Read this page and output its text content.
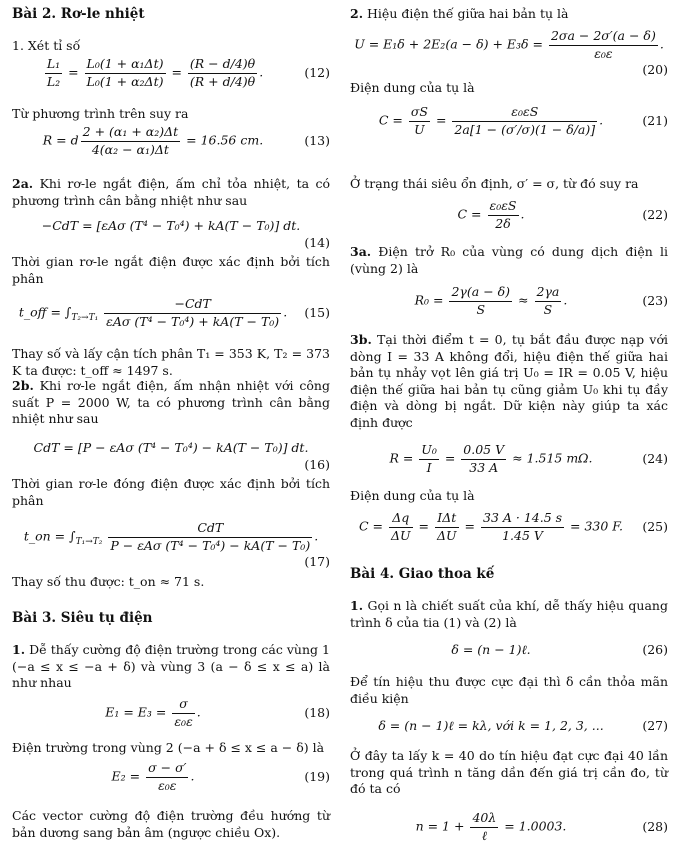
Bài 2. Rơ-le nhiệt
1. Xét tỉ số
$\frac{\text{L₁}}{\text{L₂}} = \frac{\text{L₀(1 + α₁Δt)}}{\text{L₀(1 + α₂Δt)}} = \frac{(R - d/4)\theta}{(R + d/4)\theta}$ .	(12)
Từ phương trình trên suy ra
R = d $\frac{\text{2 + (α₁ + α₂)Δt}}{\text{4(α₂ − α₁)Δt}} = 16.56$ cm.	(13)
2a. Khi rơ-le ngắt điện, ấm chỉ tỏa nhiệt, ta có phương trình cân bằng nhiệt như sau
−CdT = [εAσ (T⁴ − T₀⁴) + kA(T − T₀)] dt.
(14)
Thời gian rơ-le ngắt điện được xác định bởi tích phân
t_off = $\int_{T_2\to T_1} \frac{\text{−CdT}}{\text{εAσ (T⁴ − T₀⁴) + kA(T − T₀)}}$ .	(15)
Thay số và lấy cận tích phân T₁ = 353 K, T₂ = 373 K ta được: t_off ≈ 1497 s.
2b. Khi rơ-le ngắt điện, ấm nhận nhiệt với công suất P = 2000 W, ta có phương trình cân bằng nhiệt như sau
CdT = [P − εAσ (T⁴ − T₀⁴) − kA(T − T₀)] dt.
(16)
Thời gian rơ-le đóng điện được xác định bởi tích phân
t_on = $\int_{T_1\to T_2} \frac{\text{CdT}}{\text{P − εAσ (T⁴ − T₀⁴) − kA(T − T₀)}}$ .
(17)
Thay số thu được: t_on ≈ 71 s.
Bài 3. Siêu tụ điện
1. Dễ thấy cường độ điện trường trong các vùng 1 (−a ≤ x ≤ −a + δ) và vùng 3 (a − δ ≤ x ≤ a) là như nhau
$E_1 = E_3 = \frac{\sigma}{\text{ε₀ε}}$ .	(18)
Điện trường trong vùng 2 (−a + δ ≤ x ≤ a − δ) là
$E_2 = \frac{\sigma - \sigma'}{\text{ε₀ε}}$ .	(19)
Các vector cường độ điện trường đều hướng từ bản dương sang bản âm (ngược chiều Ox).
2. Hiệu điện thế giữa hai bản tụ là
$U = E_1\delta + 2E_2(a - \delta) + E_3\delta = \frac{2\sigma a - 2\sigma'(a - \delta)}{\text{ε₀ε}}$ .
(20)
Điện dung của tụ là
$C = \frac{\sigma S}{U} = \frac{\text{ε₀εS}}{2a[1 - (\sigma'/\sigma)(1 - \delta/a)]}$ .	(21)
Ở trạng thái siêu ổn định, σ′ = σ, từ đó suy ra
$C = \frac{\text{ε₀εS}}{2\delta}$ .	(22)
3a. Điện trở R₀ của vùng có dung dịch điện li (vùng 2) là
$R_0 = \frac{2\gamma(a - \delta)}{S} \approx \frac{2\gamma a}{S}$ .	(23)
3b. Tại thời điểm t = 0, tụ bắt đầu được nạp với dòng I = 33 A không đổi, hiệu điện thế giữa hai bản tụ nhảy vọt lên giá trị U₀ = IR = 0.05 V, hiệu điện thế giữa hai bản tụ cũng giảm U₀ khi tụ đầy điện và dòng bị ngắt. Dữ kiện này giúp ta xác định được
$R = \frac{\text{U₀}}{I} = \frac{0.05 V}{33 A} \approx 1.515$ mΩ.	(24)
Điện dung của tụ là
$C = \frac{\Delta q}{\Delta U} = \frac{\text{IΔt}}{\Delta U} = \frac{33 A \cdot 14.5 s}{1.45 V} = 330$ F.	(25)
Bài 4. Giao thoa kế
1. Gọi n là chiết suất của khí, dễ thấy hiệu quang trình δ của tia (1) và (2) là
δ = (n − 1)ℓ.	(26)
Để tín hiệu thu được cực đại thì δ cần thỏa mãn điều kiện
δ = (n − 1)ℓ = kλ, với k = 1, 2, 3, ...	(27)
Ở đây ta lấy k = 40 do tín hiệu đạt cực đại 40 lần trong quá trình n tăng dần đến giá trị cần đo, từ đó ta có
$n = 1 + \frac{40\lambda}{\text{ℓ}} = 1.0003$.	(28)
